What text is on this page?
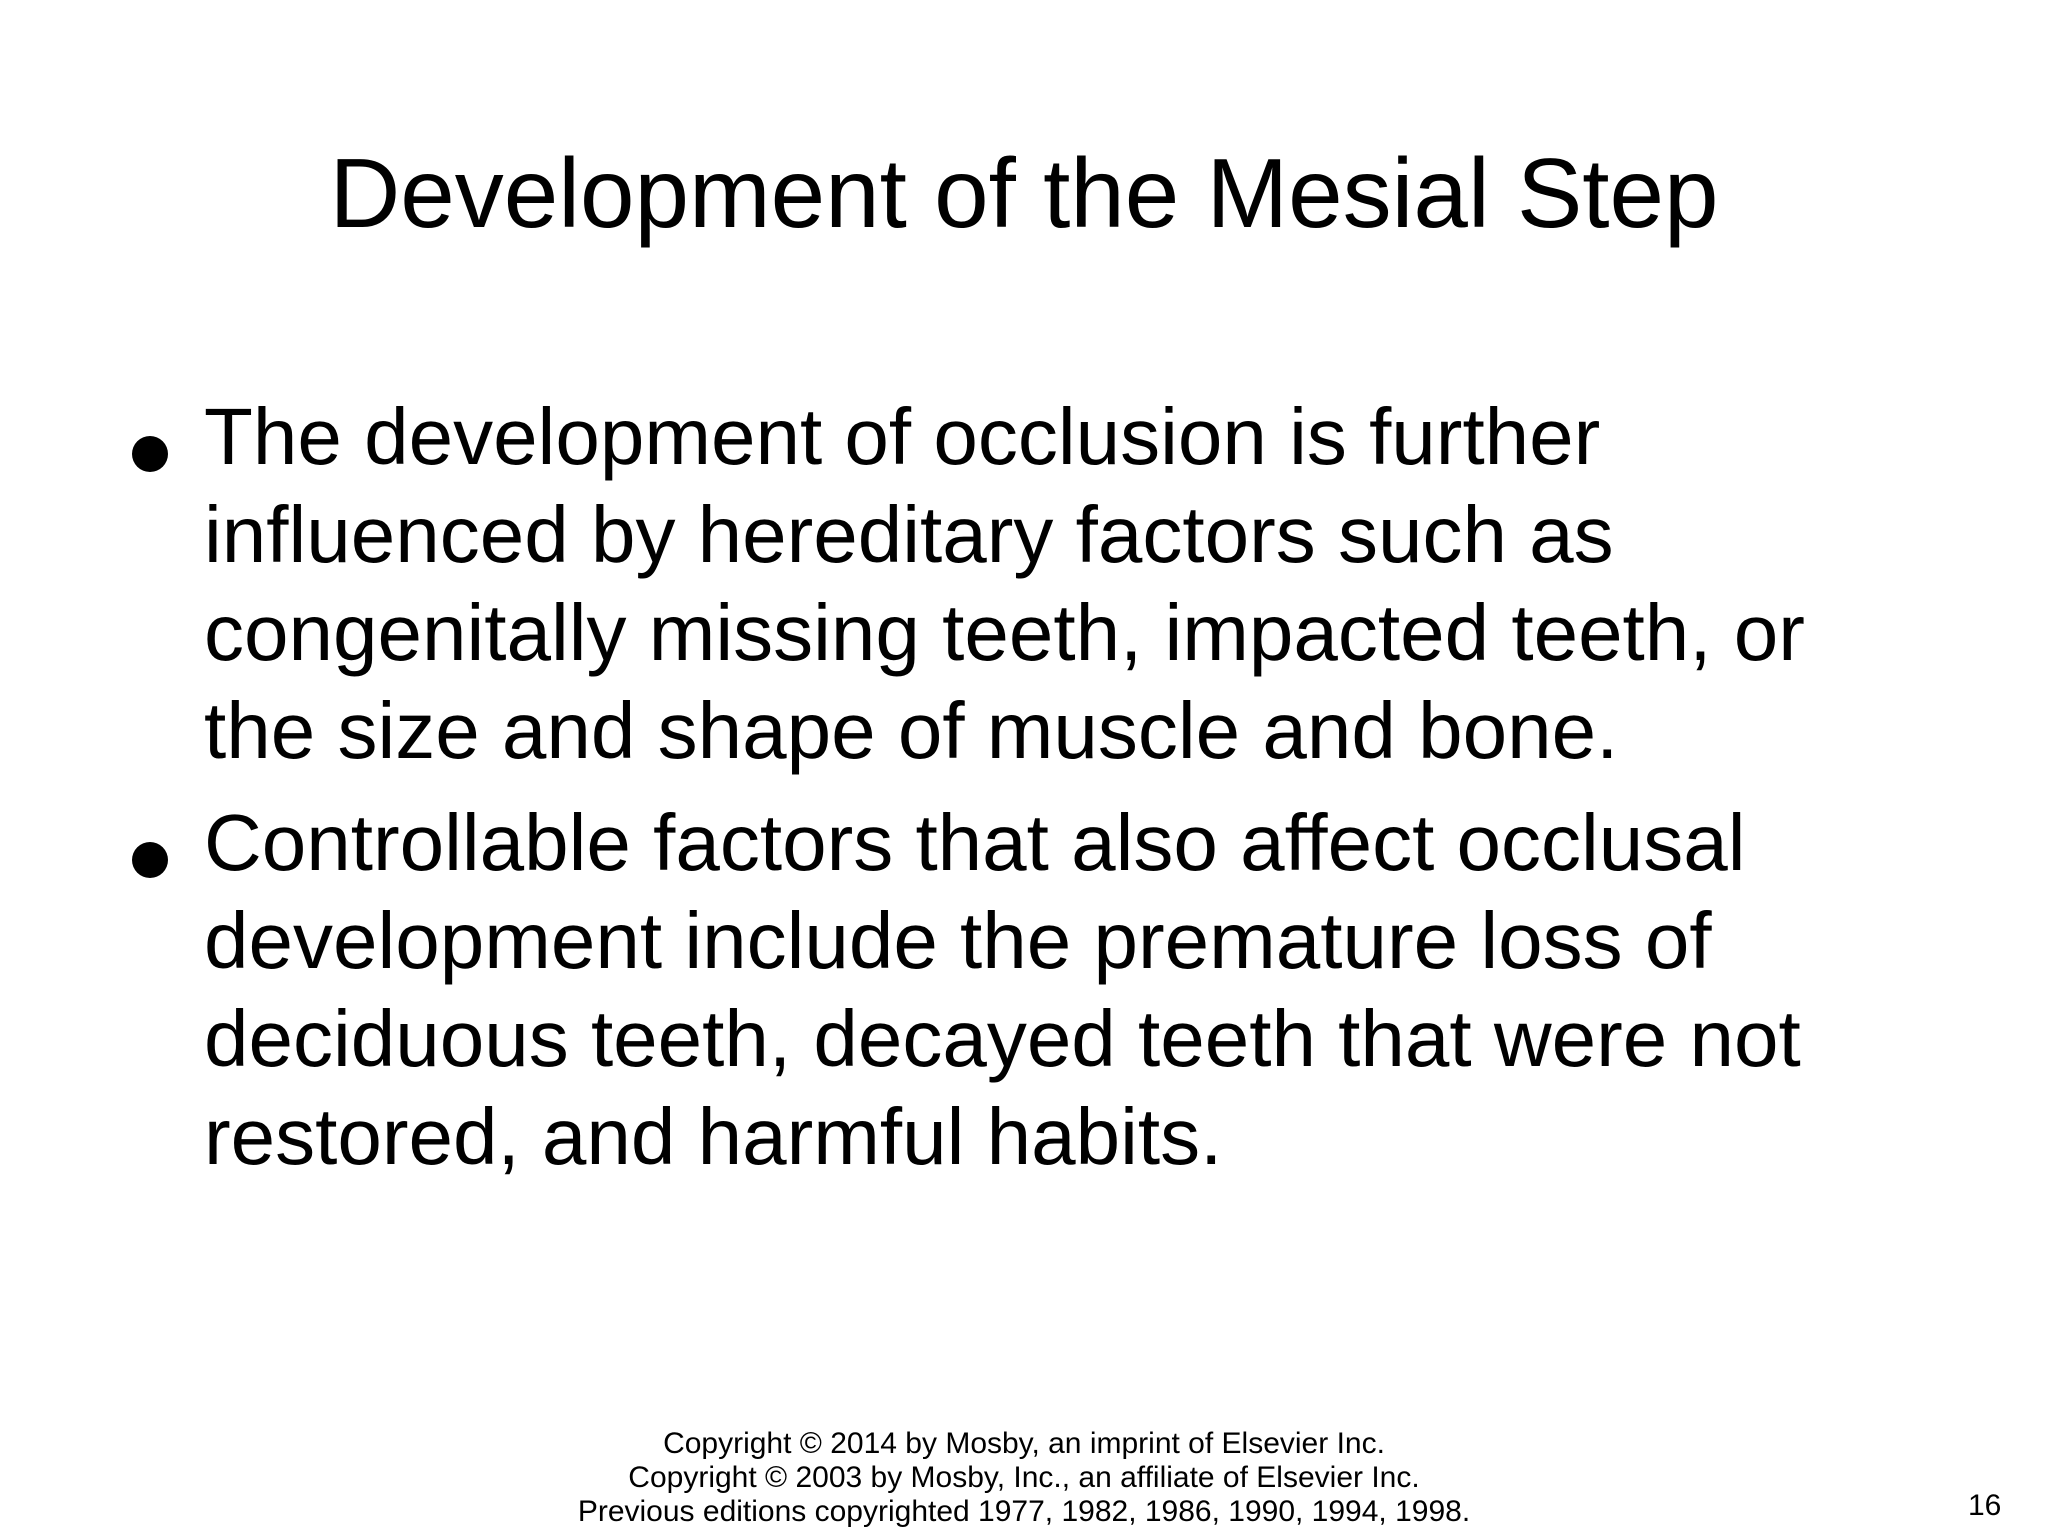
Development of the Mesial Step
The development of occlusion is further influenced by hereditary factors such as congenitally missing teeth, impacted teeth, or the size and shape of muscle and bone.
Controllable factors that also affect occlusal development include the premature loss of deciduous teeth, decayed teeth that were not restored, and harmful habits.
Copyright © 2014 by Mosby, an imprint of Elsevier Inc.
Copyright © 2003 by Mosby, Inc., an affiliate of Elsevier Inc.
Previous editions copyrighted 1977, 1982, 1986, 1990, 1994, 1998.	16
